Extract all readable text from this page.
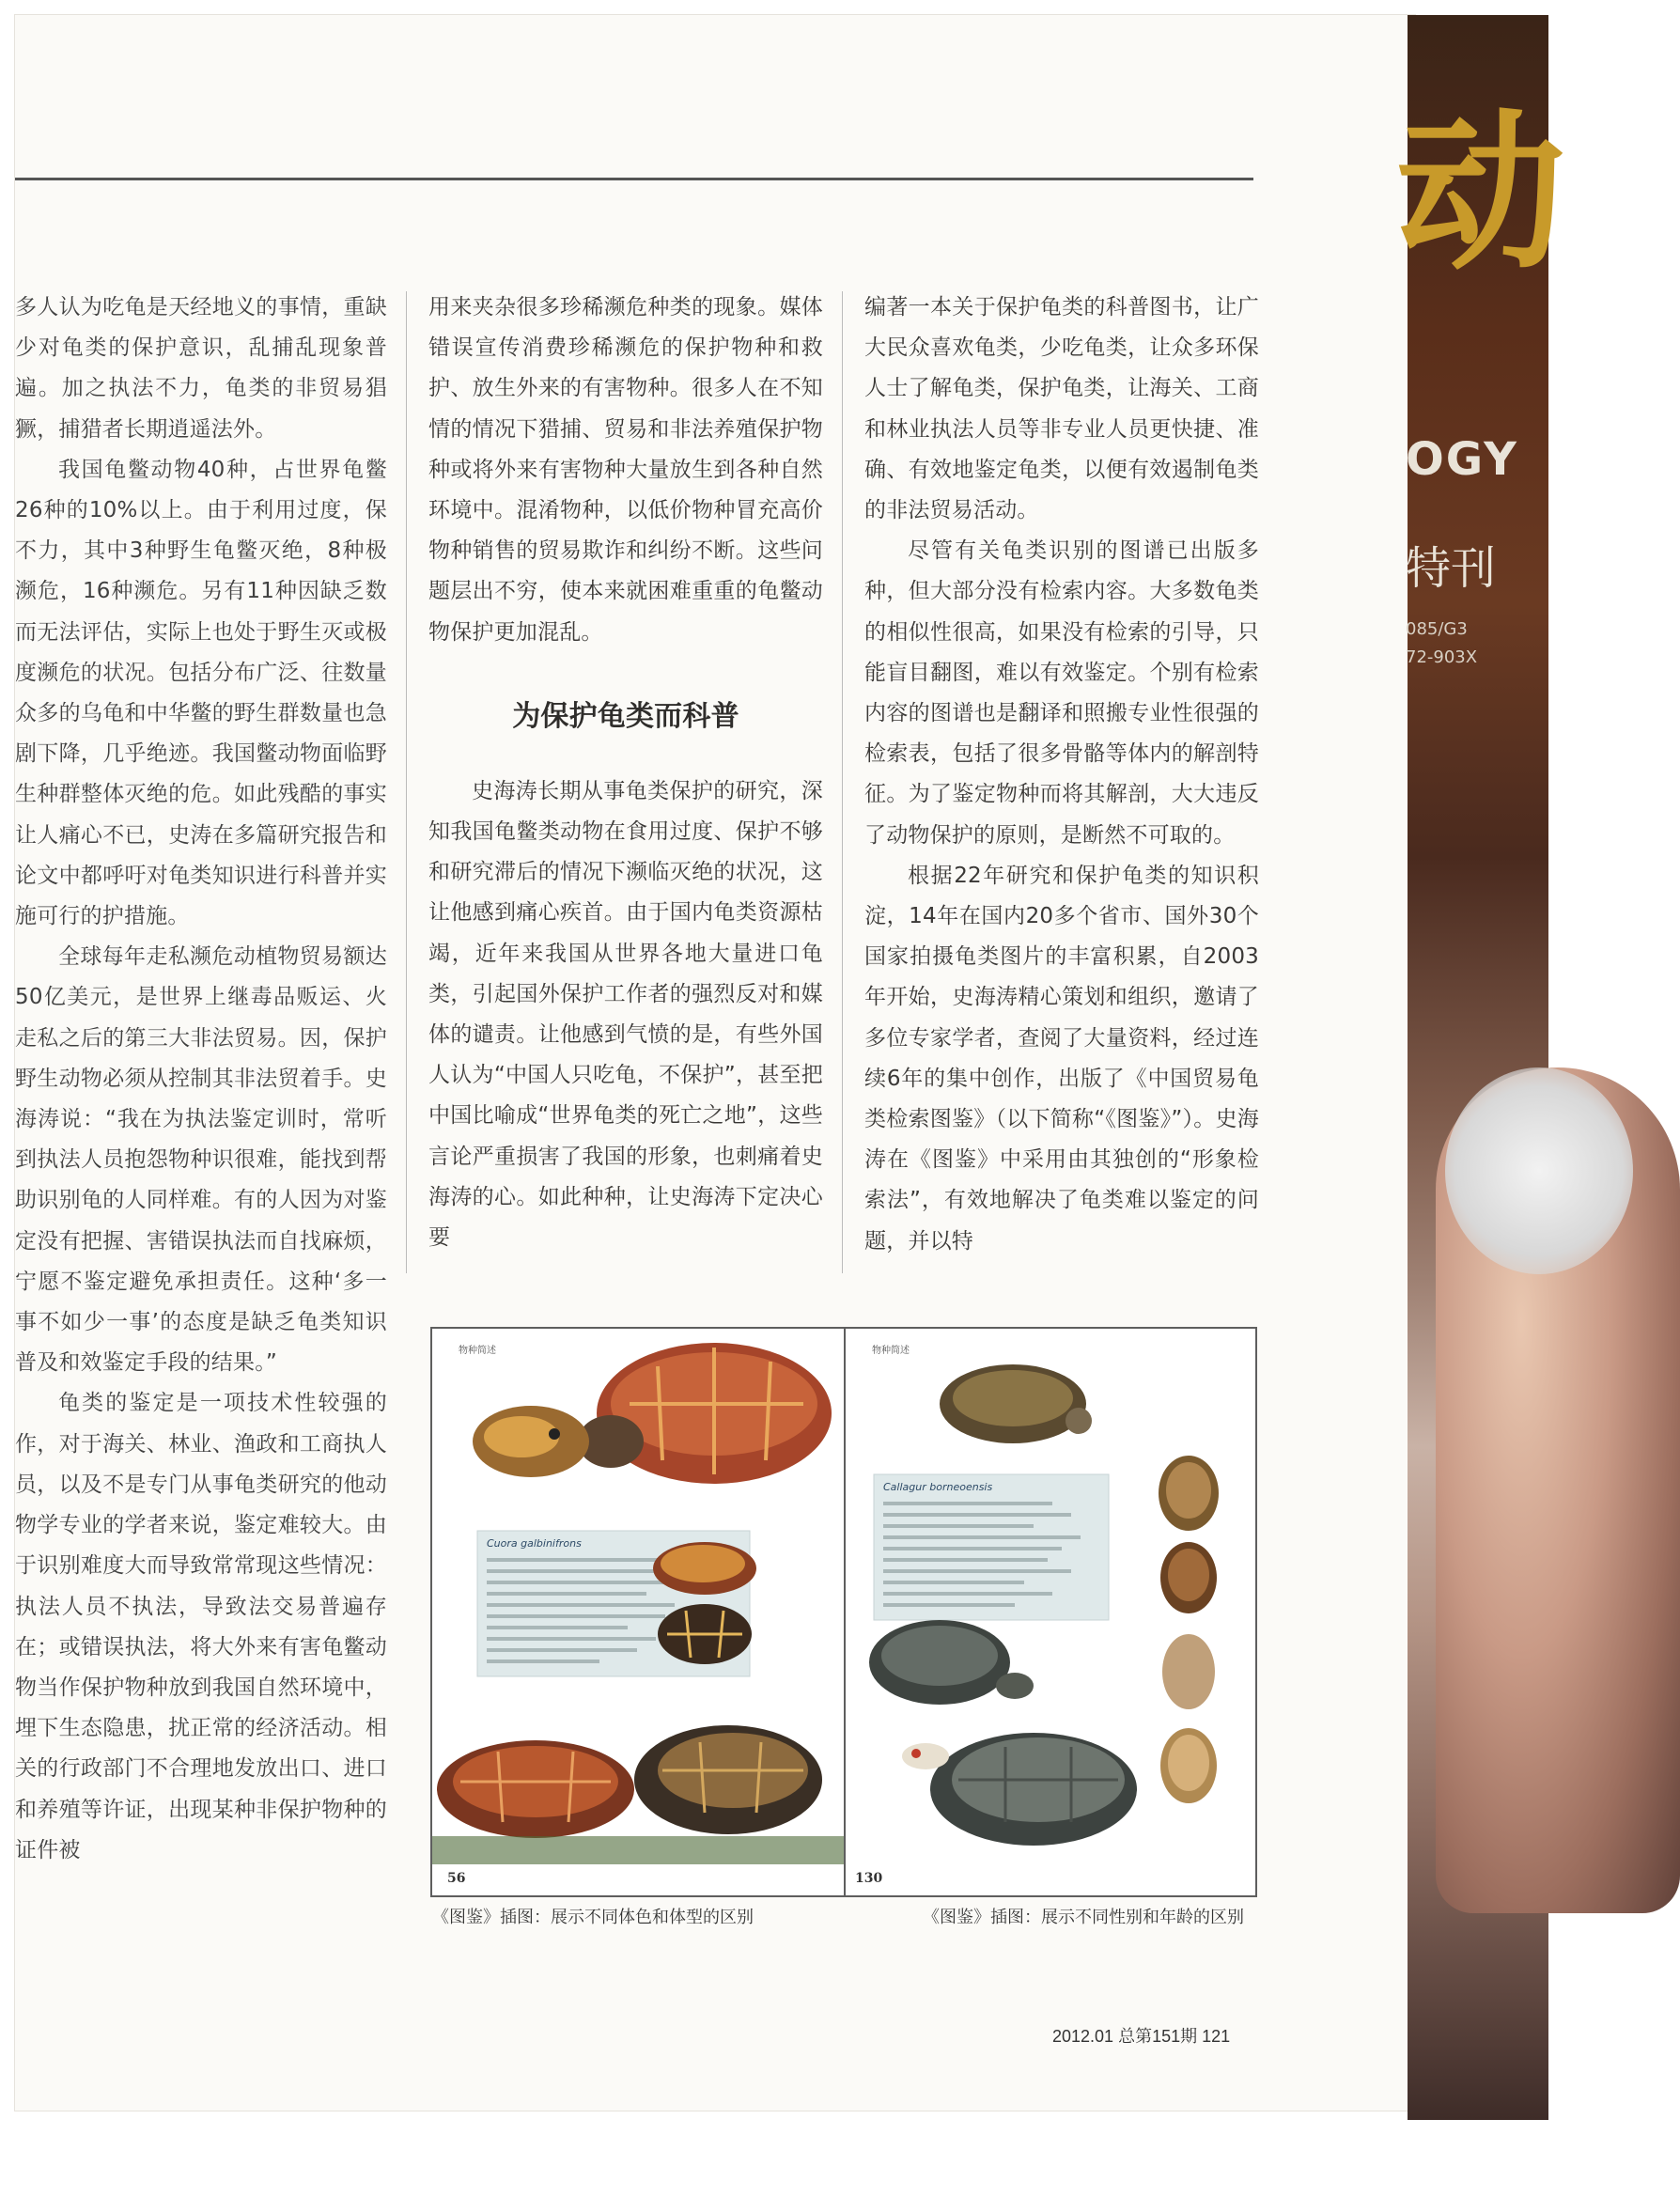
动
OGY
特刊
085/G3
72-903X

多人认为吃龟是天经地义的事情，重缺少对龟类的保护意识，乱捕乱现象普遍。加之执法不力，龟类的非贸易猖獗，捕猎者长期逍遥法外。

我国龟鳖动物40种，占世界龟鳖26种的10%以上。由于利用过度，保不力，其中3种野生龟鳖灭绝，8种极濒危，16种濒危。另有11种因缺乏数而无法评估，实际上也处于野生灭或极度濒危的状况。包括分布广泛、往数量众多的乌龟和中华鳖的野生群数量也急剧下降，几乎绝迹。我国鳖动物面临野生种群整体灭绝的危。如此残酷的事实让人痛心不已，史涛在多篇研究报告和论文中都呼吁对龟类知识进行科普并实施可行的护措施。

全球每年走私濒危动植物贸易额达50亿美元，是世界上继毒品贩运、火走私之后的第三大非法贸易。因，保护野生动物必须从控制其非法贸着手。史海涛说：“我在为执法鉴定训时，常听到执法人员抱怨物种识很难，能找到帮助识别龟的人同样难。有的人因为对鉴定没有把握、害错误执法而自找麻烦，宁愿不鉴定避免承担责任。这种‘多一事不如少一事’的态度是缺乏龟类知识普及和效鉴定手段的结果。”

龟类的鉴定是一项技术性较强的作，对于海关、林业、渔政和工商执人员，以及不是专门从事龟类研究的他动物学专业的学者来说，鉴定难较大。由于识别难度大而导致常常现这些情况：执法人员不执法，导致法交易普遍存在；或错误执法，将大外来有害龟鳖动物当作保护物种放到我国自然环境中，埋下生态隐患，扰正常的经济活动。相关的行政部门不合理地发放出口、进口和养殖等许证，出现某种非保护物种的证件被

用来夹杂很多珍稀濒危种类的现象。媒体错误宣传消费珍稀濒危的保护物种和救护、放生外来的有害物种。很多人在不知情的情况下猎捕、贸易和非法养殖保护物种或将外来有害物种大量放生到各种自然环境中。混淆物种，以低价物种冒充高价物种销售的贸易欺诈和纠纷不断。这些问题层出不穷，使本来就困难重重的龟鳖动物保护更加混乱。

为保护龟类而科普

史海涛长期从事龟类保护的研究，深知我国龟鳖类动物在食用过度、保护不够和研究滞后的情况下濒临灭绝的状况，这让他感到痛心疾首。由于国内龟类资源枯竭，近年来我国从世界各地大量进口龟类，引起国外保护工作者的强烈反对和媒体的谴责。让他感到气愤的是，有些外国人认为“中国人只吃龟，不保护”，甚至把中国比喻成“世界龟类的死亡之地”，这些言论严重损害了我国的形象，也刺痛着史海涛的心。如此种种，让史海涛下定决心要

编著一本关于保护龟类的科普图书，让广大民众喜欢龟类，少吃龟类，让众多环保人士了解龟类，保护龟类，让海关、工商和林业执法人员等非专业人员更快捷、准确、有效地鉴定龟类，以便有效遏制龟类的非法贸易活动。

尽管有关龟类识别的图谱已出版多种，但大部分没有检索内容。大多数龟类的相似性很高，如果没有检索的引导，只能盲目翻图，难以有效鉴定。个别有检索内容的图谱也是翻译和照搬专业性很强的检索表，包括了很多骨骼等体内的解剖特征。为了鉴定物种而将其解剖，大大违反了动物保护的原则，是断然不可取的。

根据22年研究和保护龟类的知识积淀，14年在国内20多个省市、国外30个国家拍摄龟类图片的丰富积累，自2003年开始，史海涛精心策划和组织，邀请了多位专家学者，查阅了大量资料，经过连续6年的集中创作，出版了《中国贸易龟类检索图鉴》（以下简称“《图鉴》”）。史海涛在《图鉴》中采用由其独创的“形象检索法”，有效地解决了龟类难以鉴定的问题，并以特

物种简述
Cuora galbinifrons
56
物种简述
Callagur borneoensis
130
《图鉴》插图：展示不同体色和体型的区别	《图鉴》插图：展示不同性别和年龄的区别
2012.01 总第151期 121
